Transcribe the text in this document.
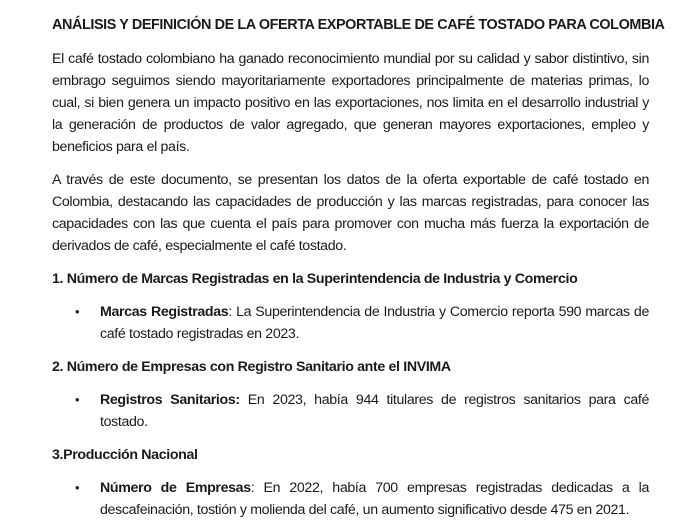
ANÁLISIS Y DEFINICIÓN DE LA OFERTA EXPORTABLE DE CAFÉ TOSTADO PARA COLOMBIA

El café tostado colombiano ha ganado reconocimiento mundial por su calidad y sabor distintivo, sin embrago seguimos siendo mayoritariamente exportadores principalmente de materias primas, lo cual, si bien genera un impacto positivo en las exportaciones, nos limita en el desarrollo industrial y la generación de productos de valor agregado, que generan mayores exportaciones, empleo y beneficios para el país.

A través de este documento, se presentan los datos de la oferta exportable de café tostado en Colombia, destacando las capacidades de producción y las marcas registradas, para conocer las capacidades con las que cuenta el país para promover con mucha más fuerza la exportación de derivados de café, especialmente el café tostado.

1. Número de Marcas Registradas en la Superintendencia de Industria y Comercio
• Marcas Registradas: La Superintendencia de Industria y Comercio reporta 590 marcas de café tostado registradas en 2023.
2. Número de Empresas con Registro Sanitario ante el INVIMA
• Registros Sanitarios: En 2023, había 944 titulares de registros sanitarios para café tostado.
3.Producción Nacional
• Número de Empresas: En 2022, había 700 empresas registradas dedicadas a la descafeinación, tostión y molienda del café, un aumento significativo desde 475 en 2021.
